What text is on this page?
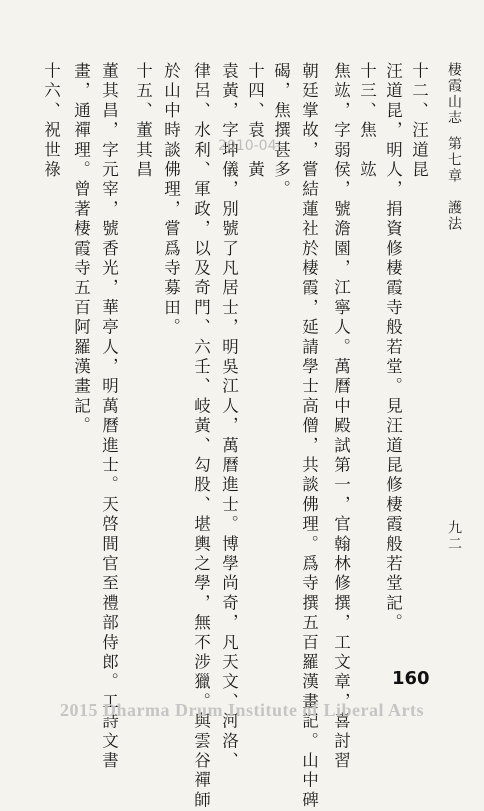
棲霞山志
第七章　護法
九二
十二、汪道昆
汪道昆，明人，捐資修棲霞寺般若堂。見汪道昆修棲霞般若堂記。
十三、焦　竑
焦竑，字弱侯，號澹園，江寧人。萬曆中殿試第一，官翰林修撰，工文章，喜討習
朝廷掌故，嘗結蓮社於棲霞，延請學士高僧，共談佛理。爲寺撰五百羅漢畫記。山中碑
碣，焦撰甚多。
十四、袁　黃
袁黃，字坤儀，別號了凡居士，明吳江人，萬曆進士。博學尚奇，凡天文、河洛、
律呂、水利、軍政，以及奇門、六壬、岐黃、勾股、堪輿之學，無不涉獵。與雲谷禪師
於山中時談佛理，嘗爲寺募田。
十五、董其昌
董其昌，字元宰，號香光，華亭人，明萬曆進士。天啓間官至禮部侍郎。工詩文書
畫，通禪理。曾著棲霞寺五百阿羅漢畫記。
十六、祝世祿	2010-04-
160
2015 Dharma Drum Institute of Liberal Arts
